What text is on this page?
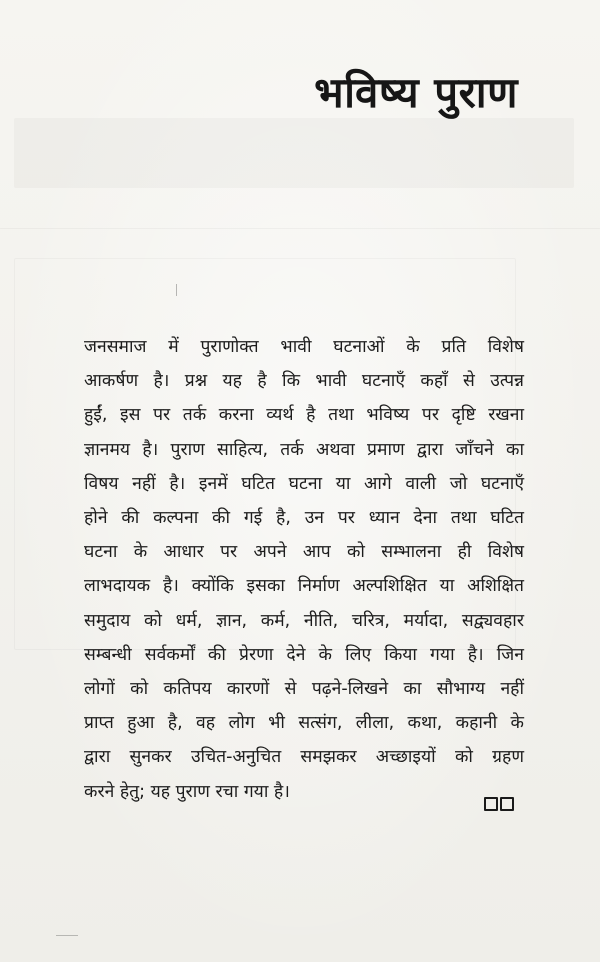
भविष्य पुराण

जनसमाज में पुराणोक्त भावी घटनाओं के प्रति विशेष
आकर्षण है। प्रश्न यह है कि भावी घटनाएँ कहाँ से उत्पन्न
हुईं, इस पर तर्क करना व्यर्थ है तथा भविष्य पर दृष्टि रखना
ज्ञानमय है। पुराण साहित्य, तर्क अथवा प्रमाण द्वारा जाँचने का
विषय नहीं है। इनमें घटित घटना या आगे वाली जो घटनाएँ
होने की कल्पना की गई है, उन पर ध्यान देना तथा घटित
घटना के आधार पर अपने आप को सम्भालना ही विशेष
लाभदायक है। क्योंकि इसका निर्माण अल्पशिक्षित या अशिक्षित
समुदाय को धर्म, ज्ञान, कर्म, नीति, चरित्र, मर्यादा, सद्व्यवहार
सम्बन्धी सर्वकर्मों की प्रेरणा देने के लिए किया गया है। जिन
लोगों को कतिपय कारणों से पढ़ने-लिखने का सौभाग्य नहीं
प्राप्त हुआ है, वह लोग भी सत्संग, लीला, कथा, कहानी के
द्वारा सुनकर उचित-अनुचित समझकर अच्छाइयों को ग्रहण
करने हेतु; यह पुराण रचा गया है।
